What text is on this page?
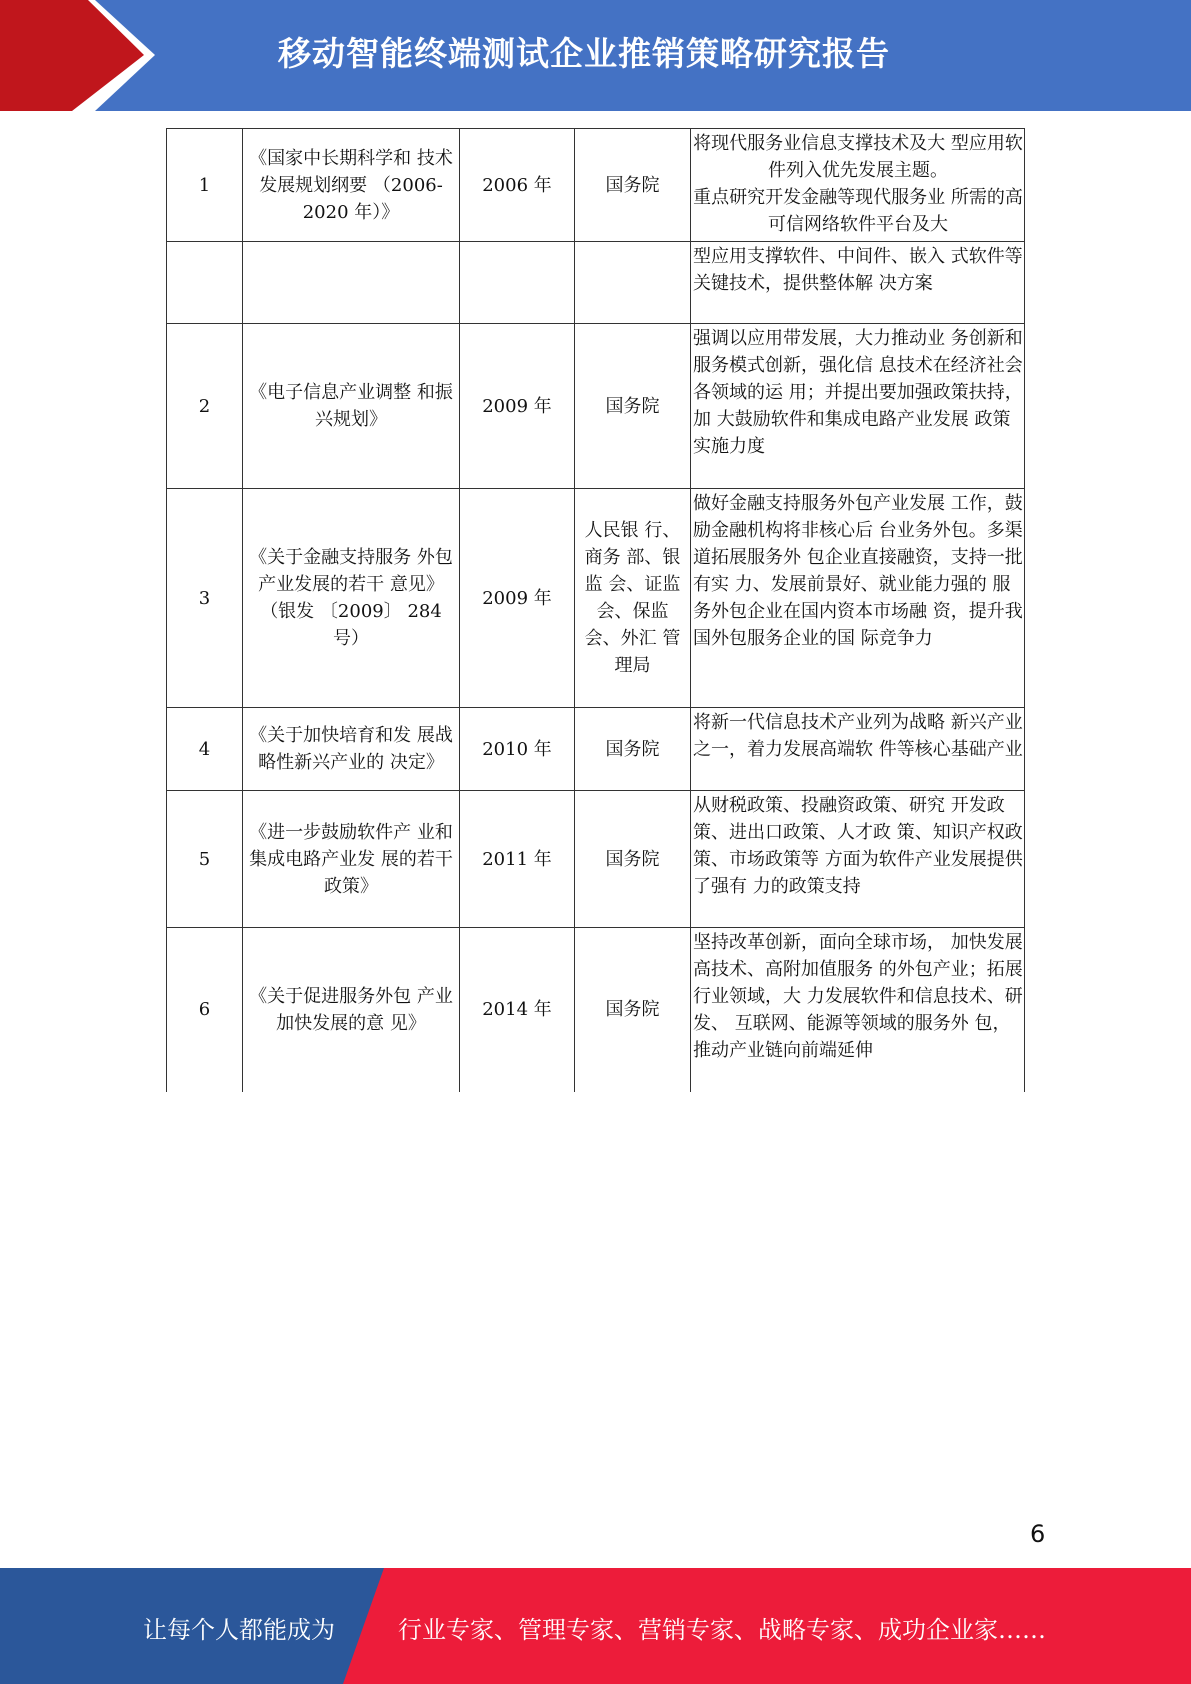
移动智能终端测试企业推销策略研究报告
1	《国家中长期科学和 技术发展规划纲要 （2006-2020 年）》	2006 年	国务院	将现代服务业信息支撑技术及大 型应用软件列入优先发展主题。
重点研究开发金融等现代服务业 所需的高可信网络软件平台及大

				型应用支撑软件、中间件、嵌入 式软件等关键技术，提供整体解 决方案
2	《电子信息产业调整 和振兴规划》	2009 年	国务院	强调以应用带发展，大力推动业 务创新和服务模式创新，强化信 息技术在经济社会各领域的运 用；并提出要加强政策扶持，加 大鼓励软件和集成电路产业发展 政策实施力度
3	《关于金融支持服务 外包产业发展的若干 意见》（银发 〔2009〕 284 号）	2009 年	人民银 行、商务 部、银监 会、证监 会、保监 会、外汇 管理局	做好金融支持服务外包产业发展 工作，鼓励金融机构将非核心后 台业务外包。多渠道拓展服务外 包企业直接融资，支持一批有实 力、发展前景好、就业能力强的 服务外包企业在国内资本市场融 资，提升我国外包服务企业的国 际竞争力
4	《关于加快培育和发 展战略性新兴产业的 决定》	2010 年	国务院	将新一代信息技术产业列为战略 新兴产业之一，着力发展高端软 件等核心基础产业
5	《进一步鼓励软件产 业和集成电路产业发 展的若干政策》	2011 年	国务院	从财税政策、投融资政策、研究 开发政策、进出口政策、人才政 策、知识产权政策、市场政策等 方面为软件产业发展提供了强有 力的政策支持
6	《关于促进服务外包 产业加快发展的意 见》	2014 年	国务院	坚持改革创新，面向全球市场， 加快发展高技术、高附加值服务 的外包产业；拓展行业领域，大 力发展软件和信息技术、研发、 互联网、能源等领域的服务外 包，推动产业链向前端延伸
6
让每个人都能成为	行业专家、管理专家、营销专家、战略专家、成功企业家……
